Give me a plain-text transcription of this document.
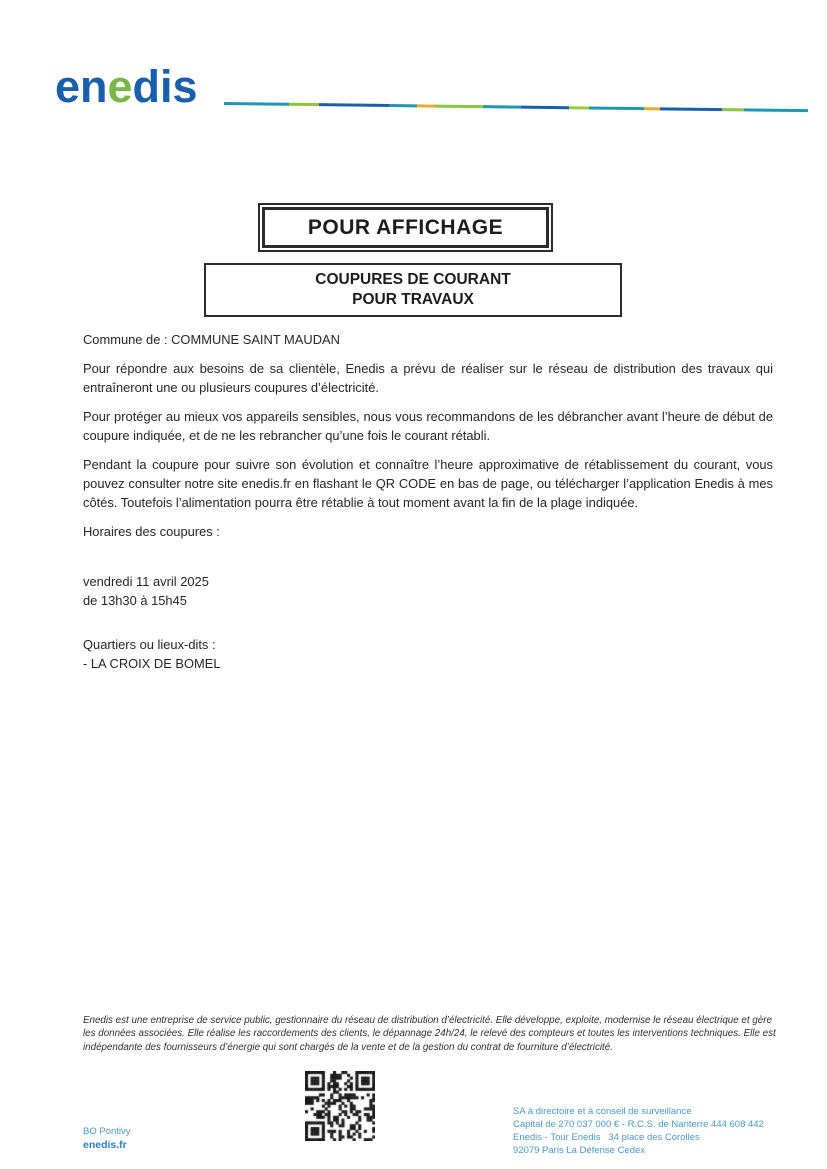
enedis
POUR AFFICHAGE
COUPURES DE COURANT
POUR TRAVAUX

Commune de : COMMUNE SAINT MAUDAN

Pour répondre aux besoins de sa clientèle, Enedis a prévu de réaliser sur le réseau de distribution des travaux qui entraîneront une ou plusieurs coupures d’électricité.

Pour protéger au mieux vos appareils sensibles, nous vous recommandons de les débrancher avant l’heure de début de coupure indiquée, et de ne les rebrancher qu’une fois le courant rétabli.

Pendant la coupure pour suivre son évolution et connaître l’heure approximative de rétablissement du courant, vous pouvez consulter notre site enedis.fr en flashant le QR CODE en bas de page, ou télécharger l’application Enedis à mes côtés. Toutefois l’alimentation pourra être rétablie à tout moment avant la fin de la plage indiquée.

Horaires des coupures :

vendredi 11 avril 2025
de 13h30 à 15h45
Quartiers ou lieux-dits :
- LA CROIX DE BOMEL
Enedis est une entreprise de service public, gestionnaire du réseau de distribution d’électricité. Elle développe, exploite, modernise le réseau électrique et gère les données associées. Elle réalise les raccordements des clients, le dépannage 24h/24, le relevé des compteurs et toutes les interventions techniques. Elle est indépendante des fournisseurs d’énergie qui sont chargés de la vente et de la gestion du contrat de fourniture d’électricité.
BO Pontivy
enedis.fr
SA à directoire et à conseil de surveillance
Capital de 270 037 000 € - R.C.S. de Nanterre 444 608 442
Enedis - Tour Enedis   34 place des Corolles
92079 Paris La Défense Cedex
